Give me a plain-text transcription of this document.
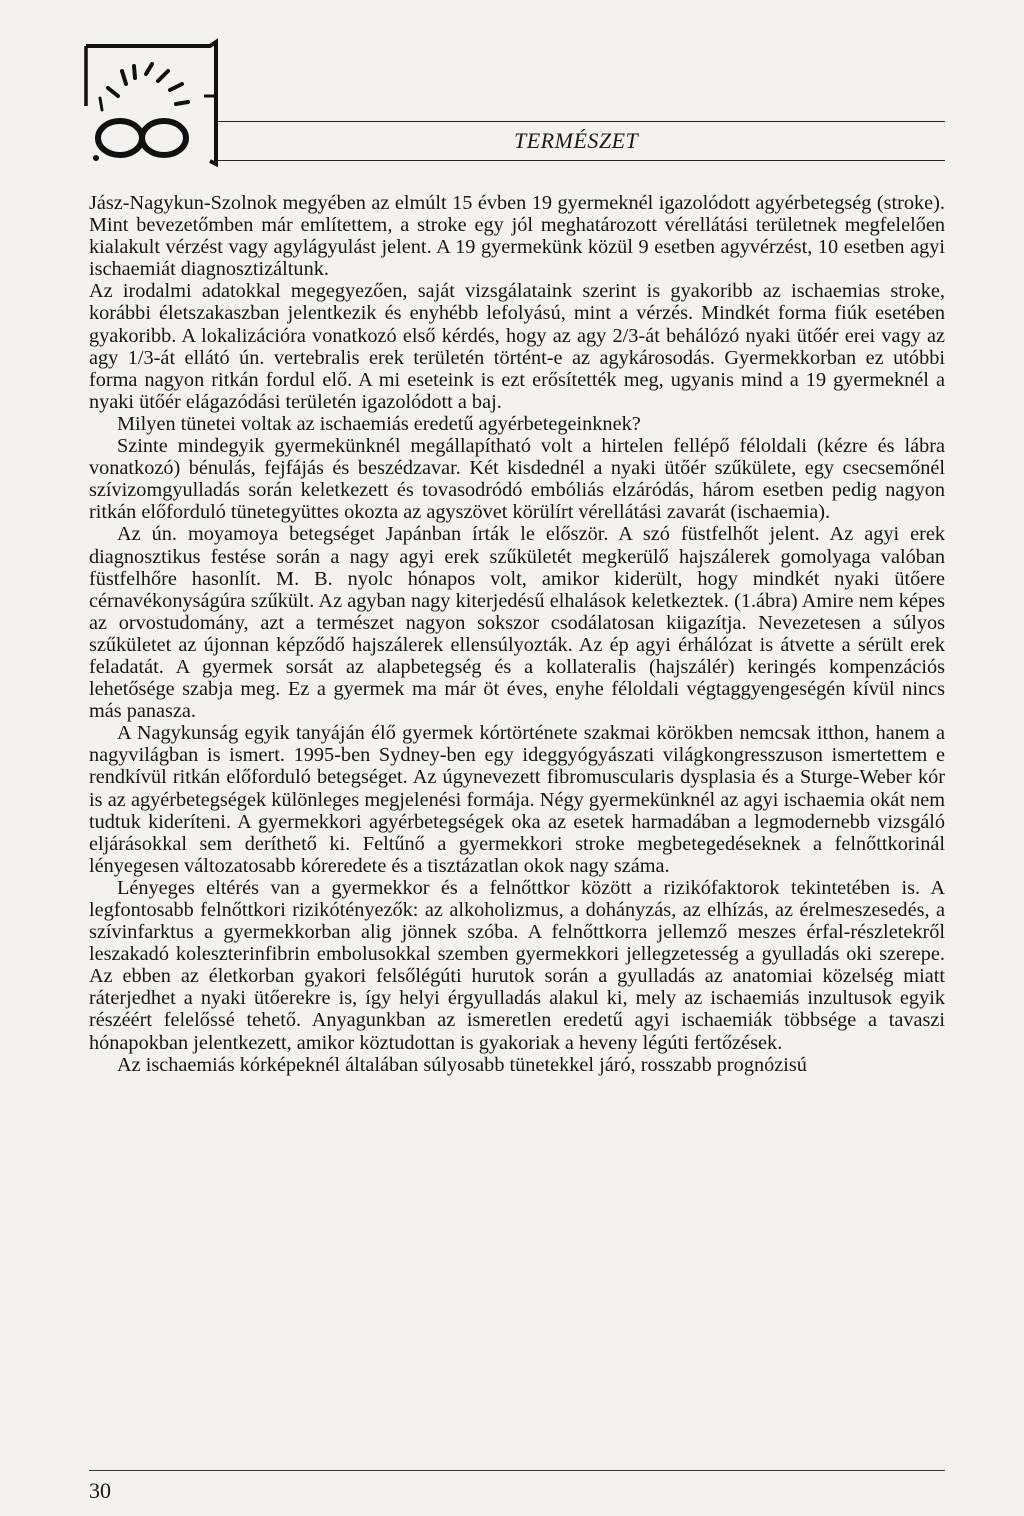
TERMÉSZET

Jász-Nagykun-Szolnok megyében az elmúlt 15 évben 19 gyermeknél igazolódott agyérbetegség (stroke). Mint bevezetőmben már említettem, a stroke egy jól meghatározott vérellátási területnek megfelelően kialakult vérzést vagy agylágyulást jelent. A 19 gyermekünk közül 9 esetben agyvérzést, 10 esetben agyi ischaemiát diagnosztizáltunk.

Az irodalmi adatokkal megegyezően, saját vizsgálataink szerint is gyakoribb az ischaemias stroke, korábbi életszakaszban jelentkezik és enyhébb lefolyású, mint a vérzés. Mindkét forma fiúk esetében gyakoribb. A lokalizációra vonatkozó első kérdés, hogy az agy 2/3-át behálózó nyaki ütőér erei vagy az agy 1/3-át ellátó ún. vertebralis erek területén történt-e az agykárosodás. Gyermekkorban ez utóbbi forma nagyon ritkán fordul elő. A mi eseteink is ezt erősítették meg, ugyanis mind a 19 gyermeknél a nyaki ütőér elágazódási területén igazolódott a baj.

Milyen tünetei voltak az ischaemiás eredetű agyérbetegeinknek?

Szinte mindegyik gyermekünknél megállapítható volt a hirtelen fellépő féloldali (kézre és lábra vonatkozó) bénulás, fejfájás és beszédzavar. Két kisdednél a nyaki ütőér szűkülete, egy csecsemőnél szívizomgyulladás során keletkezett és tovasodródó embóliás elzáródás, három esetben pedig nagyon ritkán előforduló tünetegyüttes okozta az agyszövet körülírt vérellátási zavarát (ischaemia).

Az ún. moyamoya betegséget Japánban írták le először. A szó füstfelhőt jelent. Az agyi erek diagnosztikus festése során a nagy agyi erek szűkületét megkerülő hajszálerek gomolyaga valóban füstfelhőre hasonlít. M. B. nyolc hónapos volt, amikor kiderült, hogy mindkét nyaki ütőere cérnavékonyságúra szűkült. Az agyban nagy kiterjedésű elhalások keletkeztek. (1.ábra) Amire nem képes az orvostudomány, azt a természet nagyon sokszor csodálatosan kiigazítja. Nevezetesen a súlyos szűkületet az újonnan képződő hajszálerek ellensúlyozták. Az ép agyi érhálózat is átvette a sérült erek feladatát. A gyermek sorsát az alapbetegség és a kollateralis (hajszálér) keringés kompenzációs lehetősége szabja meg. Ez a gyermek ma már öt éves, enyhe féloldali végtaggyengeségén kívül nincs más panasza.

A Nagykunság egyik tanyáján élő gyermek kórtörténete szakmai körökben nemcsak itthon, hanem a nagyvilágban is ismert. 1995-ben Sydney-ben egy ideggyógyászati világkongresszuson ismertettem e rendkívül ritkán előforduló betegséget. Az úgynevezett fibromuscularis dysplasia és a Sturge-Weber kór is az agyérbetegségek különleges megjelenési formája. Négy gyermekünknél az agyi ischaemia okát nem tudtuk kideríteni. A gyermekkori agyérbetegségek oka az esetek harmadában a legmodernebb vizsgáló eljárásokkal sem deríthető ki. Feltűnő a gyermekkori stroke megbetegedéseknek a felnőttkorinál lényegesen változatosabb kóreredete és a tisztázatlan okok nagy száma.

Lényeges eltérés van a gyermekkor és a felnőttkor között a rizikófaktorok tekintetében is. A legfontosabb felnőttkori rizikótényezők: az alkoholizmus, a dohányzás, az elhízás, az érelmeszesedés, a szívinfarktus a gyermekkorban alig jönnek szóba. A felnőttkorra jellemző meszes érfal-részletekről leszakadó koleszterinfibrin embolusokkal szemben gyermekkori jellegzetesség a gyulladás oki szerepe. Az ebben az életkorban gyakori felsőlégúti hurutok során a gyulladás az anatomiai közelség miatt ráterjedhet a nyaki ütőerekre is, így helyi érgyulladás alakul ki, mely az ischaemiás inzultusok egyik részéért felelőssé tehető. Anyagunkban az ismeretlen eredetű agyi ischaemiák többsége a tavaszi hónapokban jelentkezett, amikor köztudottan is gyakoriak a heveny légúti fertőzések.

Az ischaemiás kórképeknél általában súlyosabb tünetekkel járó, rosszabb prognózisú

30
